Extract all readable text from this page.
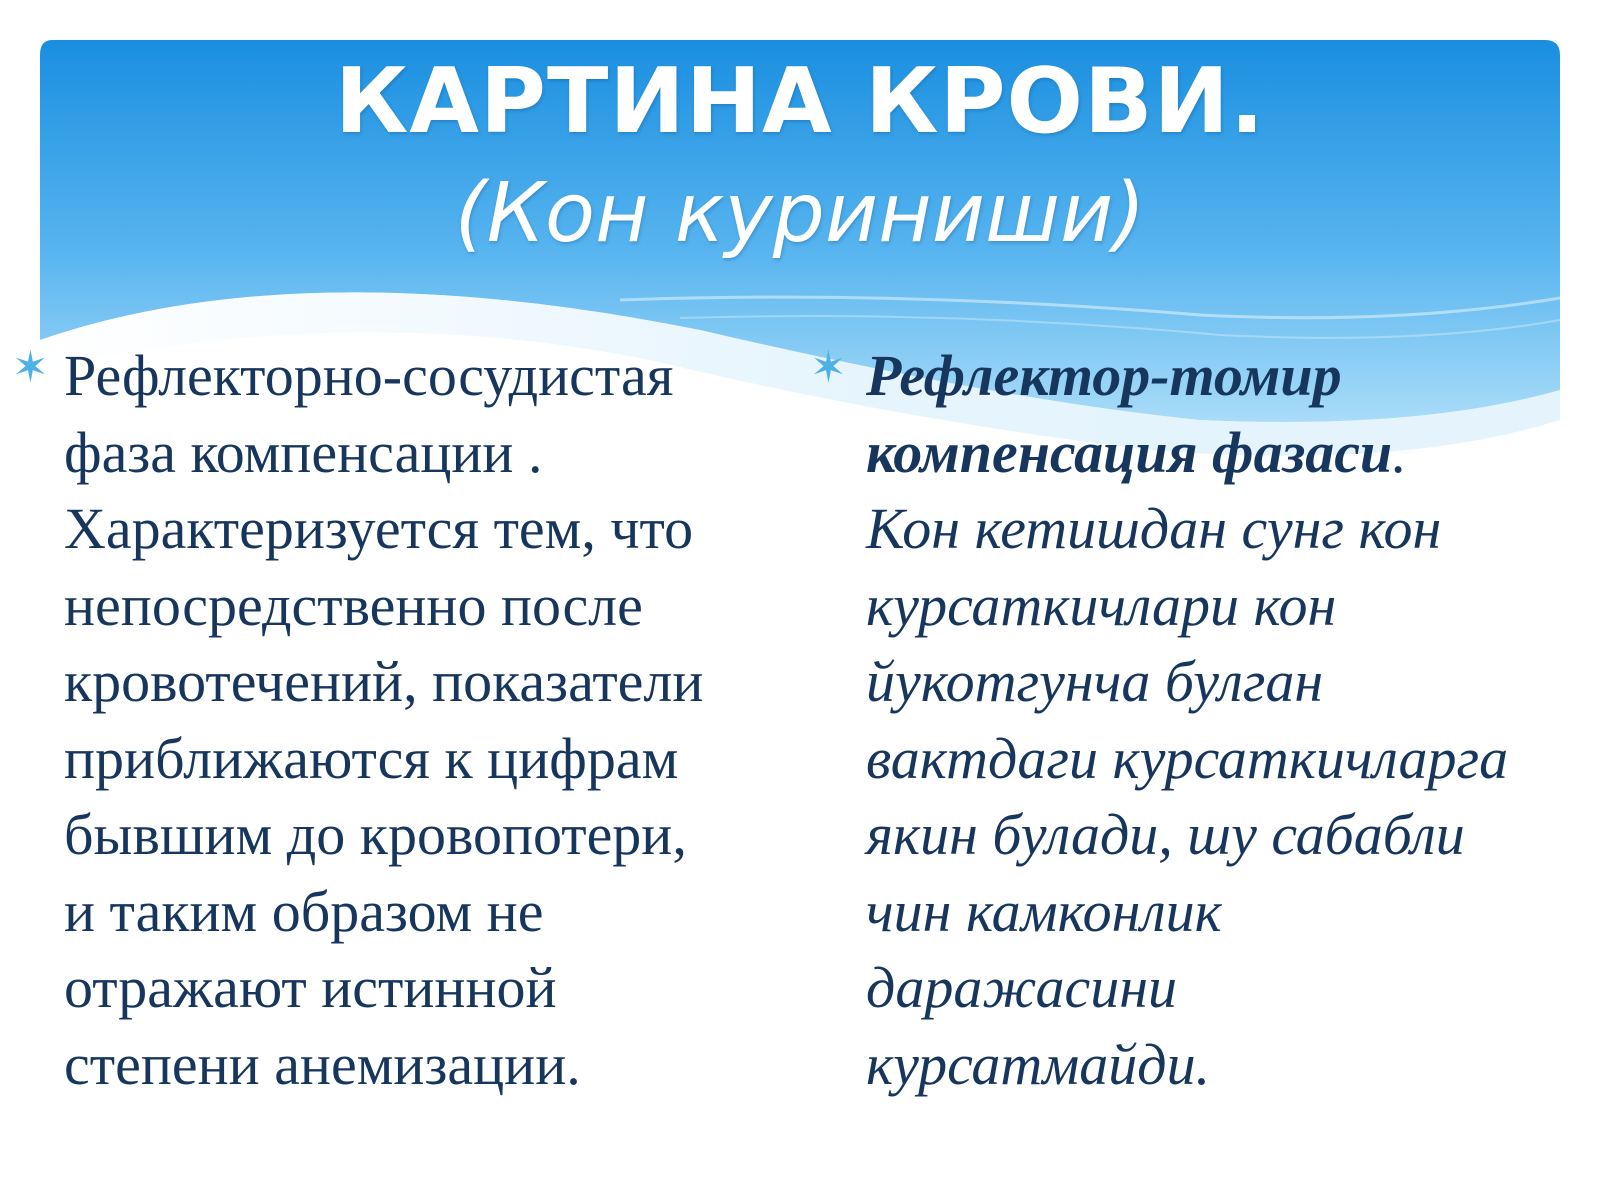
КАРТИНА КРОВИ.
(Кон куриниши)
✶ Рефлекторно-сосудистая
фаза компенсации .
Характеризуется тем, что
непосредственно после
кровотечений, показатели
приближаются к цифрам
бывшим до кровопотери,
и таким образом не
отражают истинной
степени анемизации.

✶ Рефлектор-томир
компенсация фазаси.
Кон кетишдан сунг кон
курсаткичлари кон
йукотгунча булган
вактдаги курсаткичларга
якин булади, шу сабабли
чин камконлик
даражасини
курсатмайди.
